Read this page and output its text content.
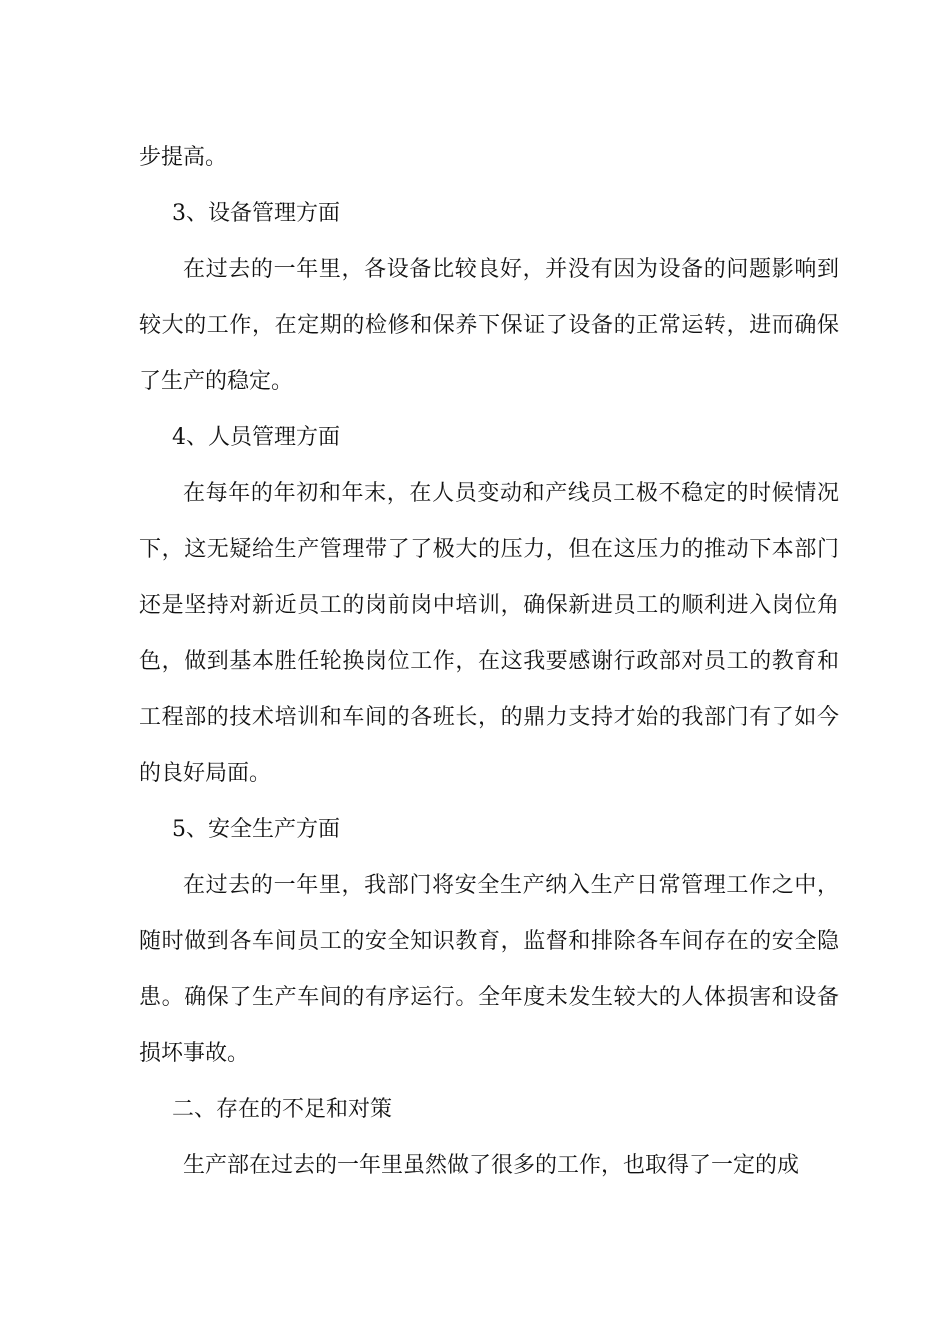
步提高。

3、设备管理方面

在过去的一年里，各设备比较良好，并没有因为设备的问题影响到较大的工作，在定期的检修和保养下保证了设备的正常运转，进而确保了生产的稳定。

4、人员管理方面

在每年的年初和年末，在人员变动和产线员工极不稳定的时候情况下，这无疑给生产管理带了了极大的压力，但在这压力的推动下本部门还是坚持对新近员工的岗前岗中培训，确保新进员工的顺利进入岗位角色，做到基本胜任轮换岗位工作，在这我要感谢行政部对员工的教育和工程部的技术培训和车间的各班长，的鼎力支持才始的我部门有了如今的良好局面。

5、安全生产方面

在过去的一年里，我部门将安全生产纳入生产日常管理工作之中，随时做到各车间员工的安全知识教育，监督和排除各车间存在的安全隐患。确保了生产车间的有序运行。全年度未发生较大的人体损害和设备损坏事故。

二、存在的不足和对策

生产部在过去的一年里虽然做了很多的工作，也取得了一定的成
